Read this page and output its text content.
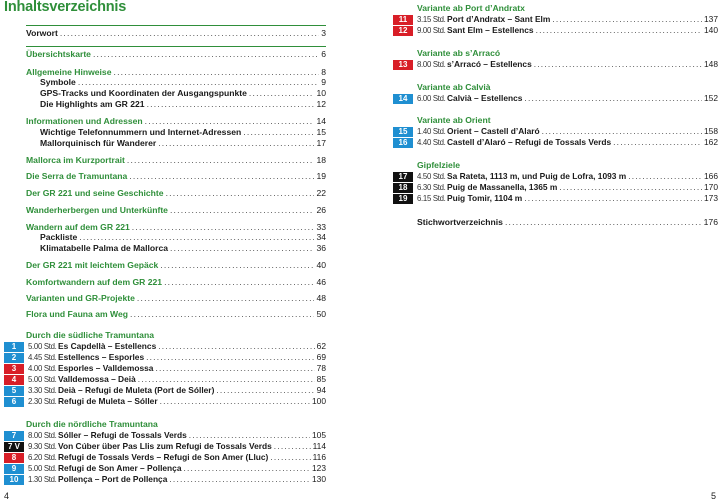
Inhaltsverzeichnis
Vorwort .....	3
Übersichtskarte .....	6
Allgemeine Hinweise .....	8
Symbole .....	9
GPS-Tracks und Koordinaten der Ausgangspunkte .....	10
Die Highlights am GR 221 .....	12
Informationen und Adressen .....	14
Wichtige Telefonnummern und Internet-Adressen .....	15
Mallorquinisch für Wanderer .....	17
Mallorca im Kurzportrait .....	18
Die Serra de Tramuntana .....	19
Der GR 221 und seine Geschichte .....	22
Wanderherbergen und Unterkünfte .....	26
Wandern auf dem GR 221 .....	33
Packliste .....	34
Klimatabelle Palma de Mallorca .....	36
Der GR 221 mit leichtem Gepäck .....	40
Komfortwandern auf dem GR 221 .....	46
Varianten und GR-Projekte .....	48
Flora und Fauna am Weg .....	50
Durch die südliche Tramuntana
1	5.00 Std. Es Capdellà – Estellencs .....	62
2	4.45 Std. Estellencs – Esporles .....	69
3	4.00 Std. Esporles – Valldemossa .....	78
4	5.00 Std. Valldemossa – Deià .....	85
5	3.30 Std. Deià – Refugi de Muleta (Port de Sóller) .....	94
6	2.30 Std. Refugi de Muleta – Sóller .....	100
Durch die nördliche Tramuntana
7	8.00 Std. Sóller – Refugi de Tossals Verds .....	105
7 V	9.30 Std. Von Cúber über Pas Llis zum Refugi de Tossals Verds .....	114
8	6.20 Std. Refugi de Tossals Verds – Refugi de Son Amer (Lluc) .....	116
9	5.00 Std. Refugi de Son Amer – Pollença .....	123
10	1.30 Std. Pollença – Port de Pollença .....	130
4
Variante ab Port d’Andratx
11	3.15 Std. Port d’Andratx – Sant Elm .....	137
12	9.00 Std. Sant Elm – Estellencs .....	140
Variante ab s’Arracó
13	8.00 Std. s’Arracó – Estellencs .....	148
Variante ab Calvià
14	6.00 Std. Calvià – Estellencs .....	152
Variante ab Orient
15	1.40 Std. Orient – Castell d’Alaró .....	158
16	4.40 Std. Castell d’Alaró – Refugi de Tossals Verds .....	162
Gipfelziele
17	4.50 Std. Sa Rateta, 1113 m, und Puig de Lofra, 1093 m .....	166
18	6.30 Std. Puig de Massanella, 1365 m .....	170
19	6.15 Std. Puig Tomir, 1104 m .....	173
Stichwortverzeichnis .....	176
5
